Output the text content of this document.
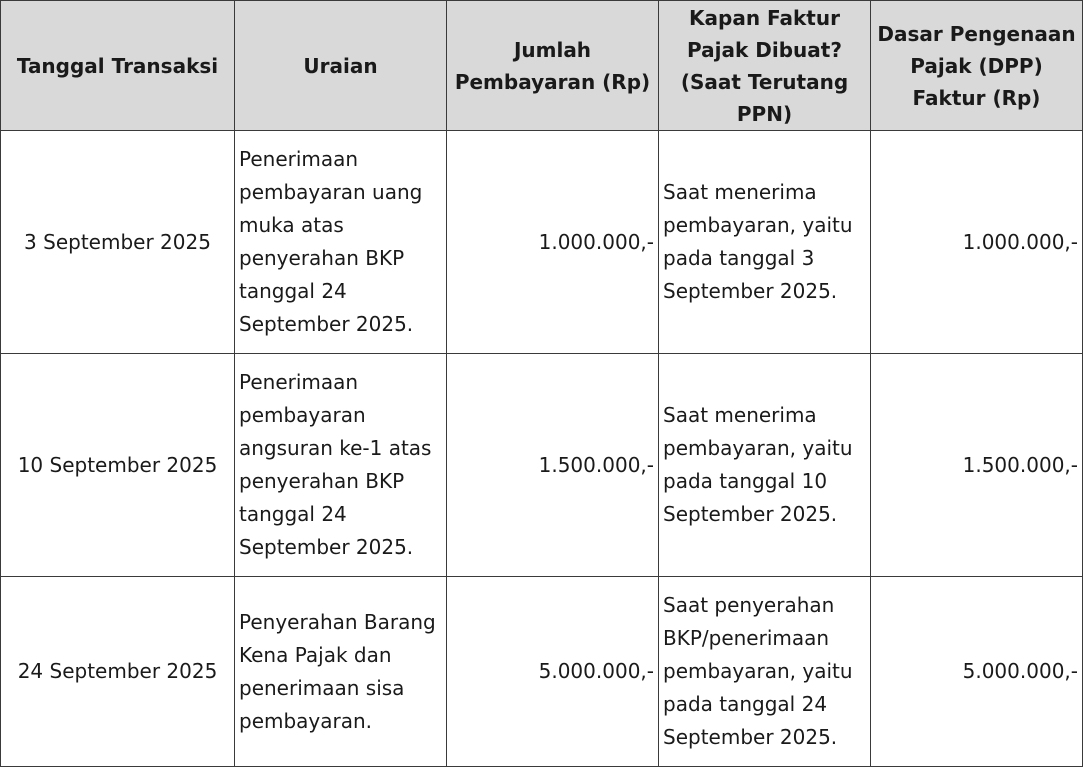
Tanggal Transaksi	Uraian	Jumlah Pembayaran (Rp)	Kapan Faktur Pajak Dibuat? (Saat Terutang PPN)	Dasar Pengenaan Pajak (DPP) Faktur (Rp)
3 September 2025	Penerimaan pembayaran uang muka atas penyerahan BKP tanggal 24 September 2025.	1.000.000,-	Saat menerima pembayaran, yaitu pada tanggal 3 September 2025.	1.000.000,-
10 September 2025	Penerimaan pembayaran angsuran ke-1 atas penyerahan BKP tanggal 24 September 2025.	1.500.000,-	Saat menerima pembayaran, yaitu pada tanggal 10 September 2025.	1.500.000,-
24 September 2025	Penyerahan Barang Kena Pajak dan penerimaan sisa pembayaran.	5.000.000,-	Saat penyerahan BKP/penerimaan pembayaran, yaitu pada tanggal 24 September 2025.	5.000.000,-
